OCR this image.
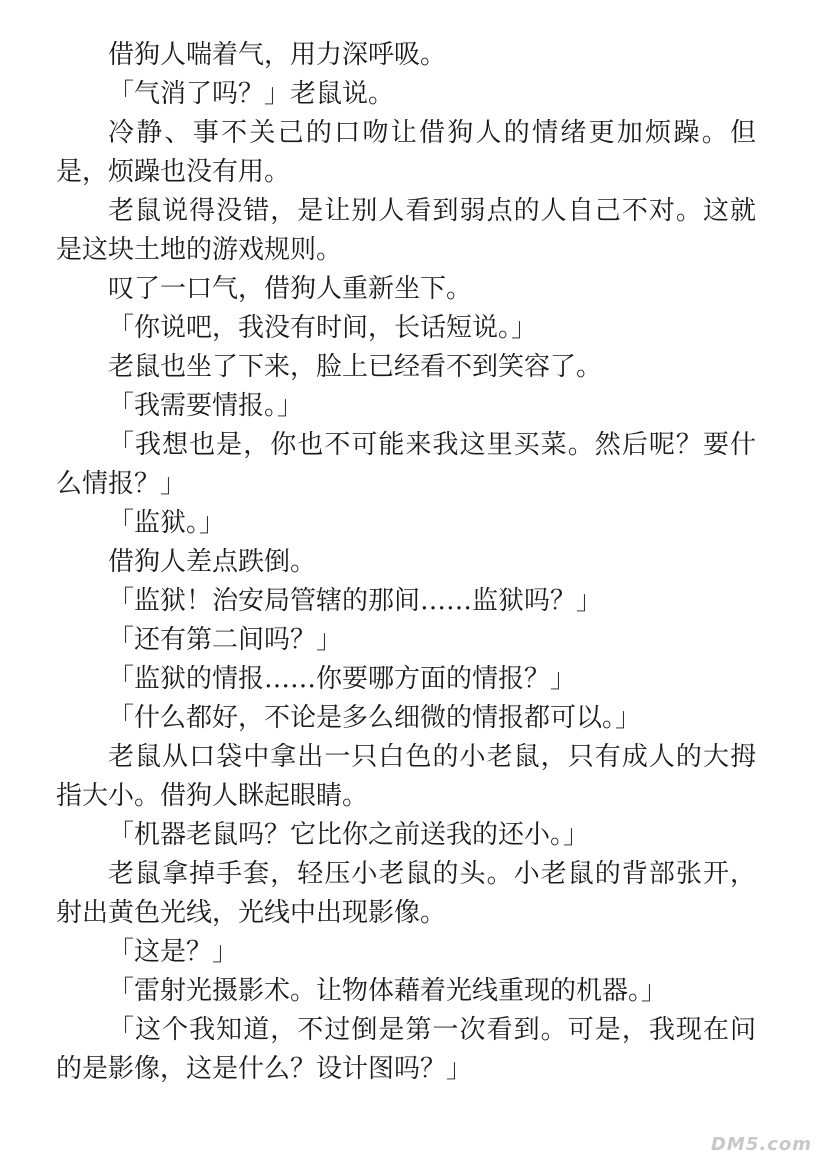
借狗人喘着气，用力深呼吸。

「气消了吗？」老鼠说。

冷静、事不关己的口吻让借狗人的情绪更加烦躁。但是，烦躁也没有用。

老鼠说得没错，是让别人看到弱点的人自己不对。这就是这块土地的游戏规则。

叹了一口气，借狗人重新坐下。

「你说吧，我没有时间，长话短说。」

老鼠也坐了下来，脸上已经看不到笑容了。

「我需要情报。」

「我想也是，你也不可能来我这里买菜。然后呢？要什么情报？」

「监狱。」

借狗人差点跌倒。

「监狱！治安局管辖的那间……监狱吗？」

「还有第二间吗？」

「监狱的情报……你要哪方面的情报？」

「什么都好，不论是多么细微的情报都可以。」

老鼠从口袋中拿出一只白色的小老鼠，只有成人的大拇指大小。借狗人眯起眼睛。

「机器老鼠吗？它比你之前送我的还小。」

老鼠拿掉手套，轻压小老鼠的头。小老鼠的背部张开，射出黄色光线，光线中出现影像。

「这是？」

「雷射光摄影术。让物体藉着光线重现的机器。」

「这个我知道，不过倒是第一次看到。可是，我现在问的是影像，这是什么？设计图吗？」

DM5.com
